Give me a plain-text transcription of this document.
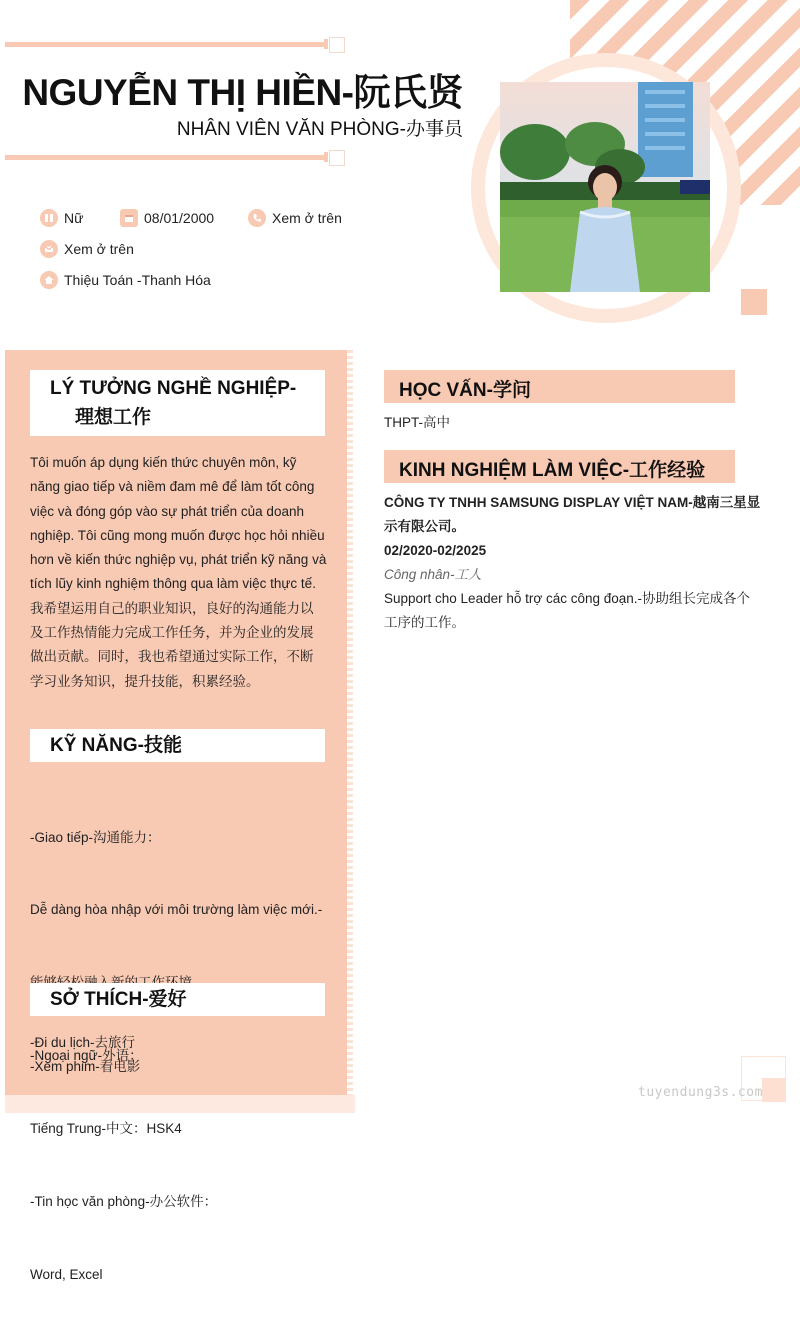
NGUYỄN THỊ HIỀN-阮氏贤
NHÂN VIÊN VĂN PHÒNG-办事员
Nữ	08/01/2000	Xem ở trên
Xem ở trên
Thiệu Toán -Thanh Hóa
LÝ TƯỞNG NGHỀ NGHIỆP-
理想工作
Tôi muốn áp dụng kiến thức chuyên môn, kỹ
năng giao tiếp và niềm đam mê để làm tốt công
việc và đóng góp vào sự phát triển của doanh
nghiệp. Tôi cũng mong muốn được học hỏi nhiều
hơn về kiến thức nghiệp vụ, phát triển kỹ năng và
tích lũy kinh nghiệm thông qua làm việc thực tế.
我希望运用自己的职业知识，良好的沟通能力以
及工作热情能力完成工作任务，并为企业的发展
做出贡献。同时，我也希望通过实际工作，不断
学习业务知识，提升技能，积累经验。
KỸ NĂNG-技能

-Giao tiếp-沟通能力：

Dễ dàng hòa nhập với môi trường làm việc mới.-

-Ngoại ngữ-外语：

Tiếng Trung-中文：HSK4

-Tin học văn phòng-办公软件：

Word, Excel

SỞ THÍCH-爱好
-Đi du lịch-去旅行
-Xem phim-看电影
HỌC VẤN-学问
THPT-高中
KINH NGHIỆM LÀM VIỆC-工作经验
CÔNG TY TNHH SAMSUNG DISPLAY VIỆT NAM-越南三星显
示有限公司。
02/2020-02/2025
Công nhân-工人
Support cho Leader hỗ trợ các công đoạn.-协助组长完成各个
工序的工作。
tuyendung3s.com
